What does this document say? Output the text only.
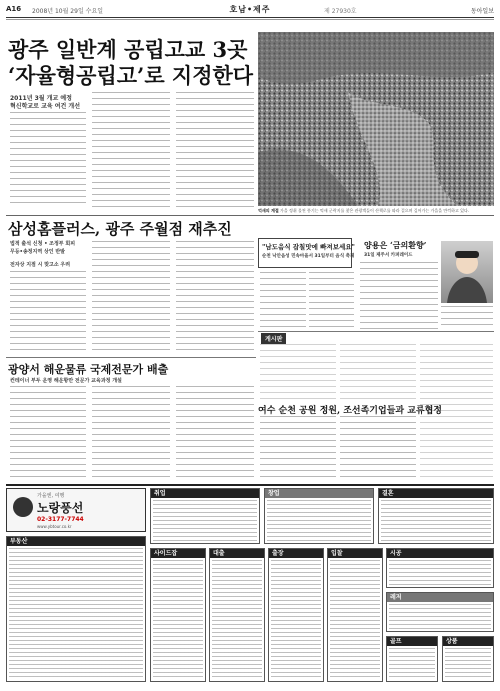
A16 2008년 10월 29일 수요일	호남•제주	제 27930호	동아일보
광주 일반계 공립고교 3곳
‘자율형공립고’로 지정한다
2011년 3월 개교 예정
혁신학교로 교육 여건 개선
억새의 계절 가을 정취 물씬 풍기는 억새 군락지를 찾은 관광객들이 산책로를 따라 걸으며 깊어가는 가을을 만끽하고 있다.
삼성홈플러스, 광주 주월점 재추진
법적 출석 신청 • 조정부 회피
무등•송정지역 상인 반발
전자상 지점 시 맞고소 우려
"남도음식 잡칠맛에 빠져보세요"
순천 낙안읍성 민속마을서 31일부터 음식 축제
양용은 ‘금의환향’
31일 제주서 카퍼레이드
게시판
광양서 해운물류 국제전문가 배출
컨테이너 부두 운영 해운항만 전문가 교육과정 개설
여수 순천 공원 정원, 조선족기업들과 교류협정
가을엔, 여행
노랑풍선
02-3177-7744
www.ybtour.co.kr
부동산
취업	창업	결혼
사이드잡	대출	출장	입찰	시공
레저
골프	상품
